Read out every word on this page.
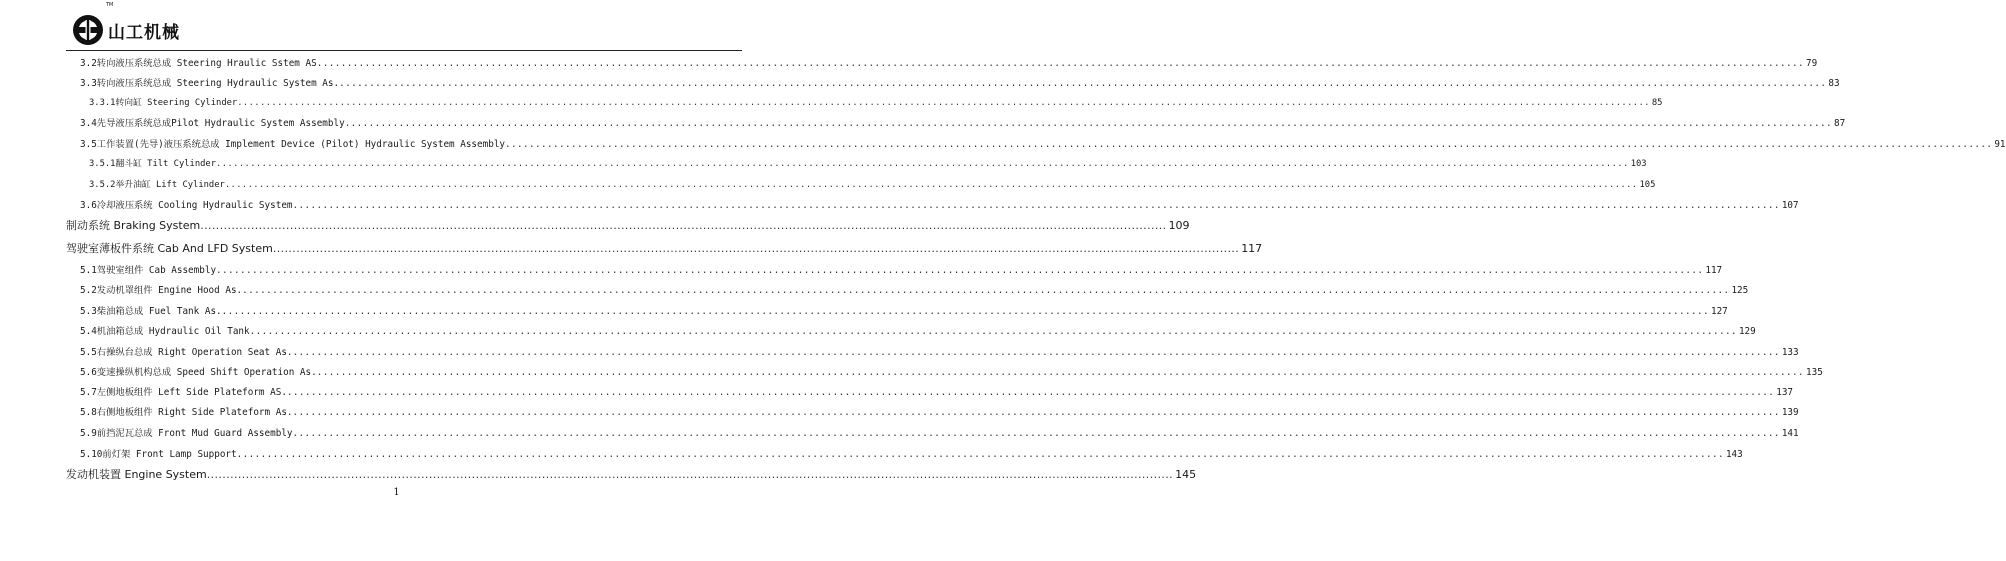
山工机械
TM
3.2 转向液压系统总成 Steering Hraulic Sstem AS .....	79
3.3 转向液压系统总成 Steering Hydraulic System As. .....	83
3.3.1 转向缸 Steering Cylinder .....	85
3.4 先导液压系统总成Pilot Hydraulic System Assembly .....	87
3.5 工作装置(先导)液压系统总成 Implement Device (Pilot) Hydraulic System Assembly .....	91
3.5.1 翻斗缸 Tilt Cylinder .....	103
3.5.2 举升油缸 Lift Cylinder .....	105
3.6 冷却液压系统 Cooling Hydraulic System .....	107
制动系统 Braking System .....	109
驾驶室薄板件系统 Cab And LFD System .....	117
5.1 驾驶室组件 Cab Assembly .....	117
5.2 发动机罩组件 Engine Hood As. .....	125
5.3 柴油箱总成 Fuel Tank As. .....	127
5.4 机油箱总成 Hydraulic Oil Tank .....	129
5.5 右操纵台总成 Right Operation Seat As. .....	133
5.6 变速操纵机构总成 Speed Shift Operation As. .....	135
5.7 左侧地板组件 Left Side Plateform AS. .....	137
5.8 右侧地板组件 Right Side Plateform As. .....	139
5.9 前挡泥瓦总成 Front Mud Guard Assembly .....	141
5.10 前灯架 Front Lamp Support .....	143
发动机装置 Engine System .....	145
1
